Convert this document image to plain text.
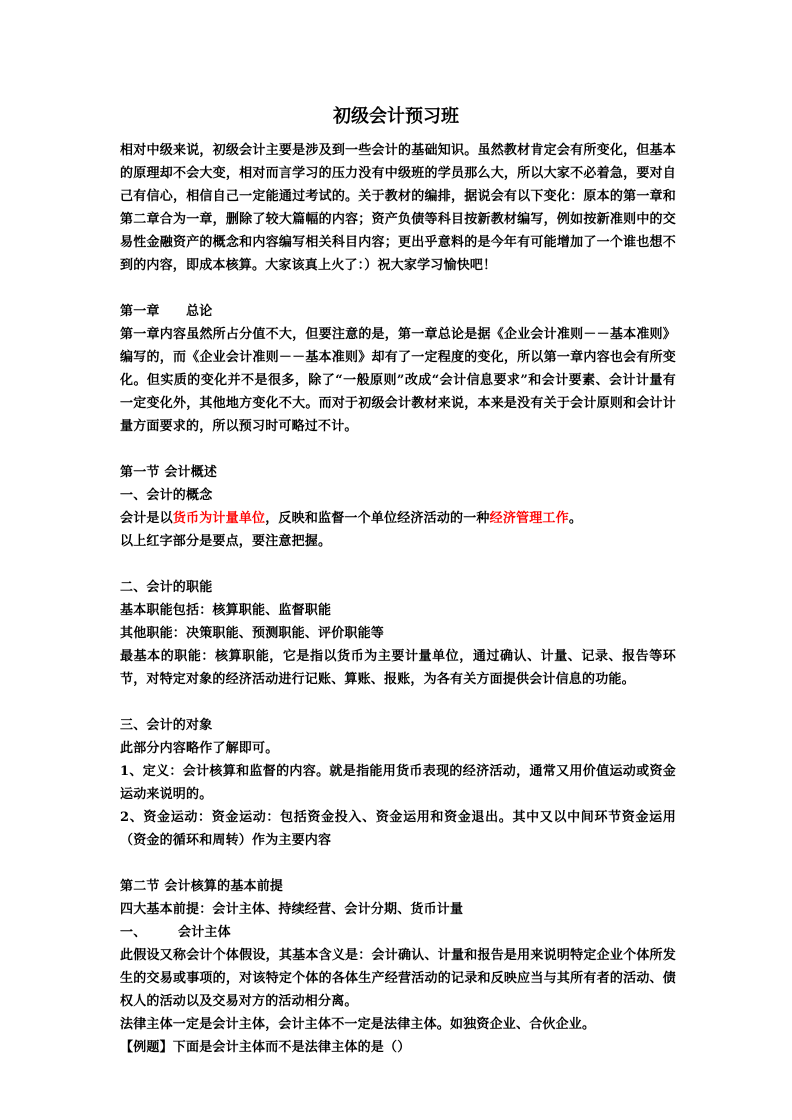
初级会计预习班

相对中级来说，初级会计主要是涉及到一些会计的基础知识。虽然教材肯定会有所变化，但基本的原理却不会大变，相对而言学习的压力没有中级班的学员那么大，所以大家不必着急，要对自己有信心，相信自己一定能通过考试的。关于教材的编排，据说会有以下变化：原本的第一章和第二章合为一章，删除了较大篇幅的内容；资产负债等科目按新教材编写，例如按新准则中的交易性金融资产的概念和内容编写相关科目内容；更出乎意料的是今年有可能增加了一个谁也想不到的内容，即成本核算。大家该真上火了：）祝大家学习愉快吧！

第一章 总论

第一章内容虽然所占分值不大，但要注意的是，第一章总论是据《企业会计准则－－基本准则》编写的，而《企业会计准则－－基本准则》却有了一定程度的变化，所以第一章内容也会有所变化。但实质的变化并不是很多，除了“一般原则”改成“会计信息要求”和会计要素、会计计量有一定变化外，其他地方变化不大。而对于初级会计教材来说，本来是没有关于会计原则和会计计量方面要求的，所以预习时可略过不计。

第一节 会计概述

一、会计的概念

会计是以货币为计量单位，反映和监督一个单位经济活动的一种经济管理工作。

以上红字部分是要点，要注意把握。

二、会计的职能

基本职能包括：核算职能、监督职能

其他职能：决策职能、预测职能、评价职能等

最基本的职能：核算职能，它是指以货币为主要计量单位，通过确认、计量、记录、报告等环节，对特定对象的经济活动进行记账、算账、报账，为各有关方面提供会计信息的功能。

三、会计的对象

此部分内容略作了解即可。

1、定义：会计核算和监督的内容。就是指能用货币表现的经济活动，通常又用价值运动或资金运动来说明的。

2、资金运动：资金运动：包括资金投入、资金运用和资金退出。其中又以中间环节资金运用（资金的循环和周转）作为主要内容

第二节 会计核算的基本前提

四大基本前提：会计主体、持续经营、会计分期、货币计量

一、 会计主体

此假设又称会计个体假设，其基本含义是：会计确认、计量和报告是用来说明特定企业个体所发生的交易或事项的，对该特定个体的各体生产经营活动的记录和反映应当与其所有者的活动、债权人的活动以及交易对方的活动相分离。

法律主体一定是会计主体，会计主体不一定是法律主体。如独资企业、合伙企业。

【例题】下面是会计主体而不是法律主体的是（）
